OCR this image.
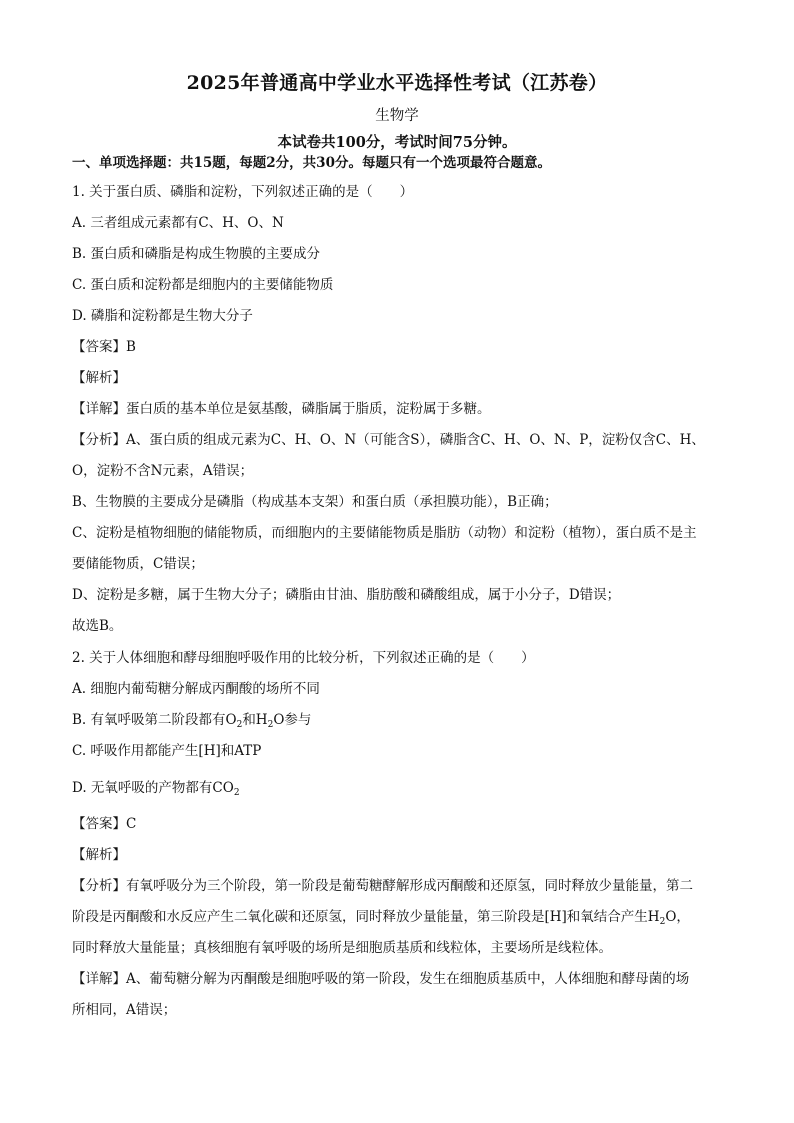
2025年普通高中学业水平选择性考试（江苏卷）
生物学
本试卷共100分，考试时间75分钟。
一、单项选择题：共15题，每题2分，共30分。每题只有一个选项最符合题意。
1. 关于蛋白质、磷脂和淀粉，下列叙述正确的是（　　）
A. 三者组成元素都有C、H、O、N
B. 蛋白质和磷脂是构成生物膜的主要成分
C. 蛋白质和淀粉都是细胞内的主要储能物质
D. 磷脂和淀粉都是生物大分子
【答案】B
【解析】
【详解】蛋白质的基本单位是氨基酸，磷脂属于脂质，淀粉属于多糖。
【分析】A、蛋白质的组成元素为C、H、O、N（可能含S），磷脂含C、H、O、N、P，淀粉仅含C、H、
O，淀粉不含N元素，A错误；
B、生物膜的主要成分是磷脂（构成基本支架）和蛋白质（承担膜功能），B正确；
C、淀粉是植物细胞的储能物质，而细胞内的主要储能物质是脂肪（动物）和淀粉（植物），蛋白质不是主
要储能物质，C错误；
D、淀粉是多糖，属于生物大分子；磷脂由甘油、脂肪酸和磷酸组成，属于小分子，D错误；
故选B。
2. 关于人体细胞和酵母细胞呼吸作用的比较分析，下列叙述正确的是（　　）
A. 细胞内葡萄糖分解成丙酮酸的场所不同
B. 有氧呼吸第二阶段都有$O_2$和$H_2O$参与
C. 呼吸作用都能产生[H]和ATP
D. 无氧呼吸的产物都有$CO_2$
【答案】C
【解析】
【分析】有氧呼吸分为三个阶段，第一阶段是葡萄糖酵解形成丙酮酸和还原氢，同时释放少量能量，第二
阶段是丙酮酸和水反应产生二氧化碳和还原氢，同时释放少量能量，第三阶段是[H]和氧结合产生$H_2O$，
同时释放大量能量；真核细胞有氧呼吸的场所是细胞质基质和线粒体，主要场所是线粒体。
【详解】A、葡萄糖分解为丙酮酸是细胞呼吸的第一阶段，发生在细胞质基质中，人体细胞和酵母菌的场
所相同，A错误；
